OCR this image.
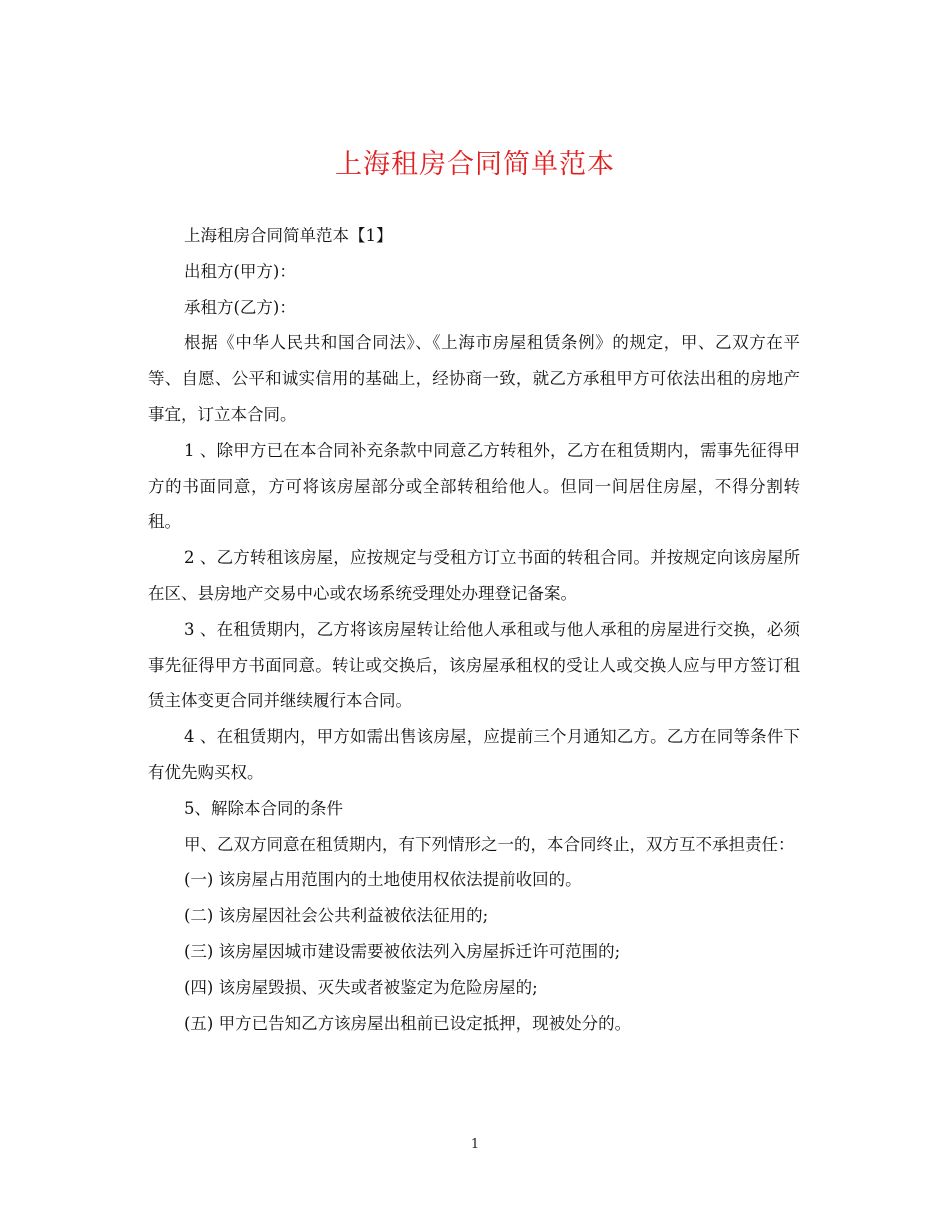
上海租房合同简单范本

上海租房合同简单范本【1】

出租方(甲方)：

承租方(乙方)：

根据《中华人民共和国合同法》、《上海市房屋租赁条例》的规定，甲、乙双方在平等、自愿、公平和诚实信用的基础上，经协商一致，就乙方承租甲方可依法出租的房地产事宜，订立本合同。

1 、除甲方已在本合同补充条款中同意乙方转租外，乙方在租赁期内，需事先征得甲方的书面同意，方可将该房屋部分或全部转租给他人。但同一间居住房屋，不得分割转租。

2 、乙方转租该房屋，应按规定与受租方订立书面的转租合同。并按规定向该房屋所在区、县房地产交易中心或农场系统受理处办理登记备案。

3 、在租赁期内，乙方将该房屋转让给他人承租或与他人承租的房屋进行交换，必须事先征得甲方书面同意。转让或交换后，该房屋承租权的受让人或交换人应与甲方签订租赁主体变更合同并继续履行本合同。

4 、在租赁期内，甲方如需出售该房屋，应提前三个月通知乙方。乙方在同等条件下有优先购买权。

5、解除本合同的条件

甲、乙双方同意在租赁期内，有下列情形之一的，本合同终止，双方互不承担责任：

(一) 该房屋占用范围内的土地使用权依法提前收回的。

(二) 该房屋因社会公共利益被依法征用的;

(三) 该房屋因城市建设需要被依法列入房屋拆迁许可范围的;

(四) 该房屋毁损、灭失或者被鉴定为危险房屋的;

(五) 甲方已告知乙方该房屋出租前已设定抵押，现被处分的。

1
